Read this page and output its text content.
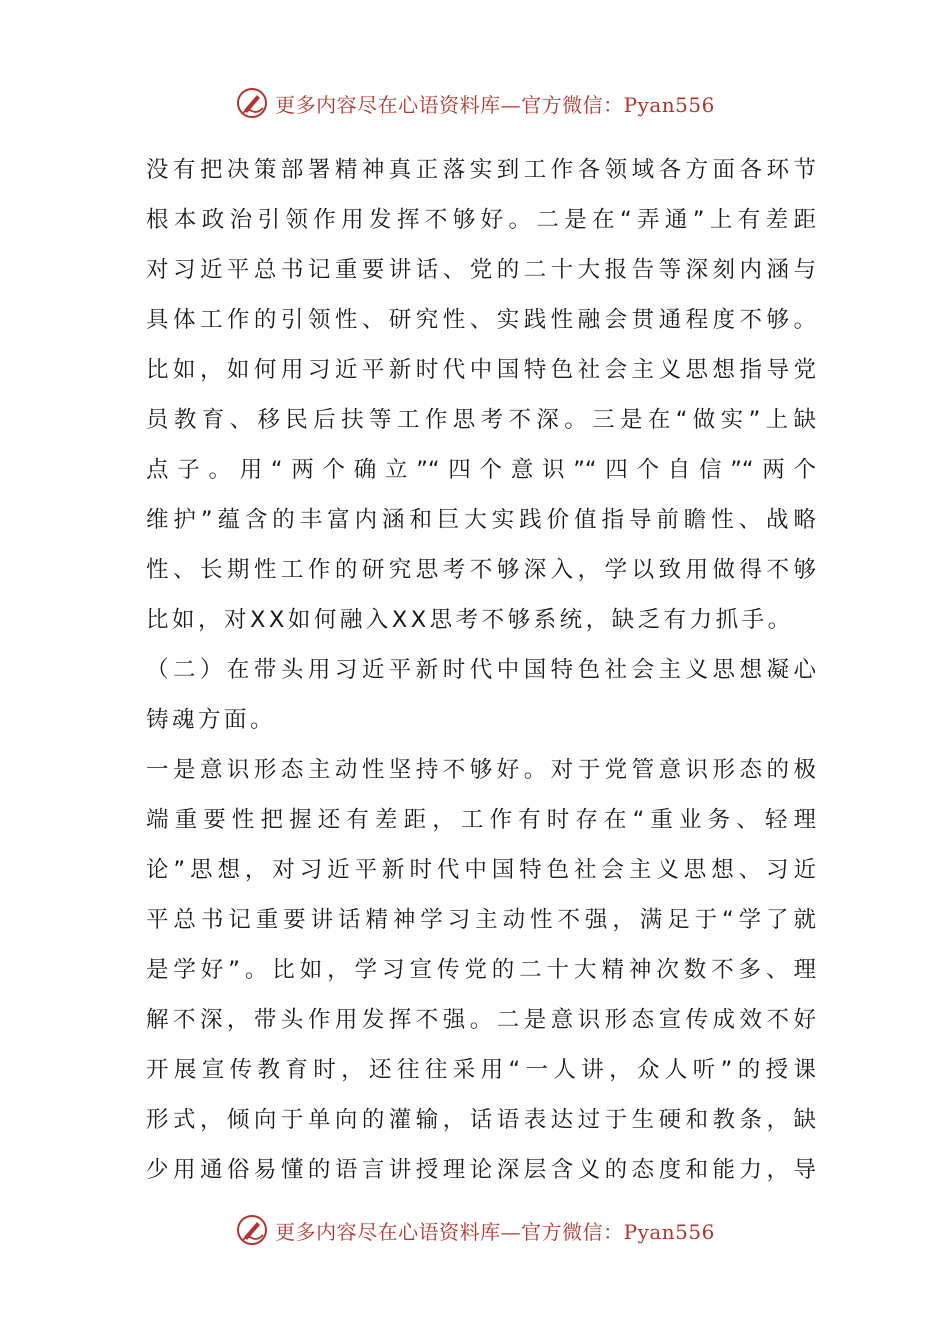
更多内容尽在心语资料库—官方微信：Pyan556
没有把决策部署精神真正落实到工作各领域各方面各环节
根本政治引领作用发挥不够好。二是在“弄通”上有差距
对习近平总书记重要讲话、党的二十大报告等深刻内涵与
具体工作的引领性、研究性、实践性融会贯通程度不够。
比如，如何用习近平新时代中国特色社会主义思想指导党
员教育、移民后扶等工作思考不深。三是在“做实”上缺
点子。用“两个确立”“四个意识”“四个自信”“两个
维护”蕴含的丰富内涵和巨大实践价值指导前瞻性、战略
性、长期性工作的研究思考不够深入，学以致用做得不够
比如，对XX如何融入XX思考不够系统，缺乏有力抓手。
（二）在带头用习近平新时代中国特色社会主义思想凝心
铸魂方面。
一是意识形态主动性坚持不够好。对于党管意识形态的极
端重要性把握还有差距，工作有时存在“重业务、轻理
论”思想，对习近平新时代中国特色社会主义思想、习近
平总书记重要讲话精神学习主动性不强，满足于“学了就
是学好”。比如，学习宣传党的二十大精神次数不多、理
解不深，带头作用发挥不强。二是意识形态宣传成效不好
开展宣传教育时，还往往采用“一人讲，众人听”的授课
形式，倾向于单向的灌输，话语表达过于生硬和教条，缺
少用通俗易懂的语言讲授理论深层含义的态度和能力，导
更多内容尽在心语资料库—官方微信：Pyan556
